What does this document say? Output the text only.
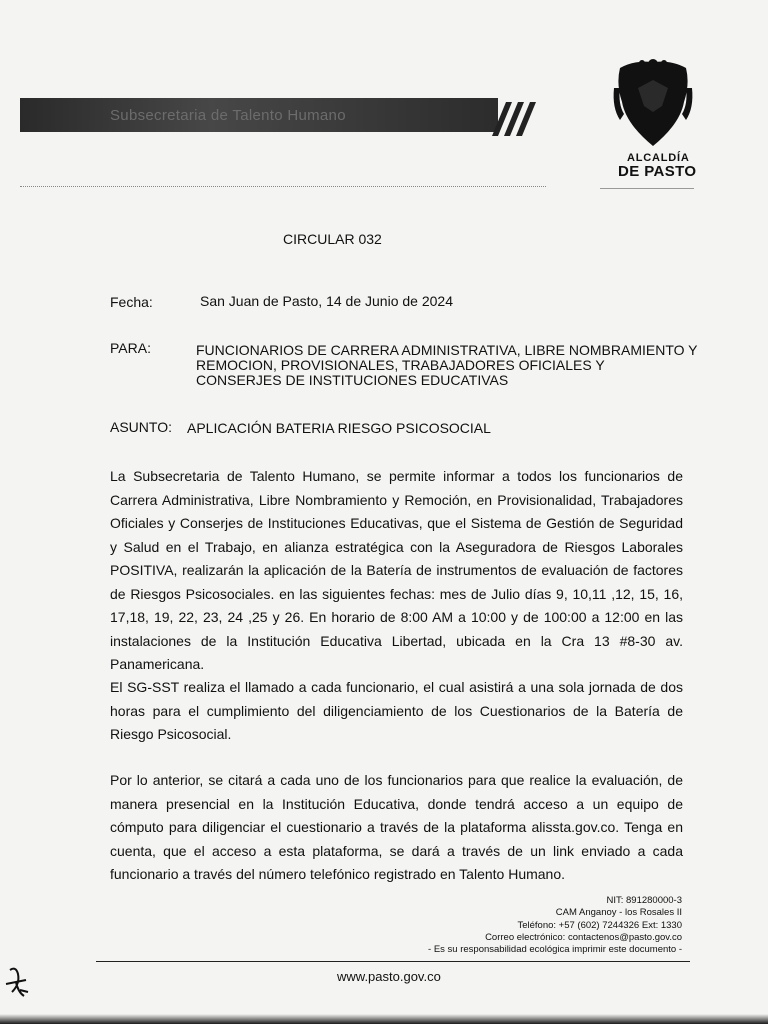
Subsecretaria de Talento Humano
ALCALDÍA
DE PASTO
CIRCULAR 032
Fecha:	San Juan de Pasto, 14 de Junio de 2024
PARA:	FUNCIONARIOS DE CARRERA ADMINISTRATIVA, LIBRE NOMBRAMIENTO Y
REMOCION, PROVISIONALES, TRABAJADORES OFICIALES Y
CONSERJES DE INSTITUCIONES EDUCATIVAS
ASUNTO: APLICACIÓN BATERIA RIESGO PSICOSOCIAL
La Subsecretaria de Talento Humano, se permite informar a todos los funcionarios de Carrera Administrativa, Libre Nombramiento y Remoción, en Provisionalidad, Trabajadores Oficiales y Conserjes de Instituciones Educativas, que el Sistema de Gestión de Seguridad y Salud en el Trabajo, en alianza estratégica con la Aseguradora de Riesgos Laborales POSITIVA, realizarán la aplicación de la Batería de instrumentos de evaluación de factores de Riesgos Psicosociales. en las siguientes fechas: mes de Julio días 9, 10,11 ,12, 15, 16, 17,18, 19, 22, 23, 24 ,25 y 26. En horario de 8:00 AM a 10:00 y de 100:00 a 12:00 en las instalaciones de la Institución Educativa Libertad, ubicada en la Cra 13 #8-30 av. Panamericana.
El SG-SST realiza el llamado a cada funcionario, el cual asistirá a una sola jornada de dos horas para el cumplimiento del diligenciamiento de los Cuestionarios de la Batería de Riesgo Psicosocial.
Por lo anterior, se citará a cada uno de los funcionarios para que realice la evaluación, de manera presencial en la Institución Educativa, donde tendrá acceso a un equipo de cómputo para diligenciar el cuestionario a través de la plataforma alissta.gov.co. Tenga en cuenta, que el acceso a esta plataforma, se dará a través de un link enviado a cada funcionario a través del número telefónico registrado en Talento Humano.
NIT: 891280000-3
CAM Anganoy - los Rosales II
Teléfono: +57 (602) 7244326 Ext: 1330
Correo electrónico: contactenos@pasto.gov.co
- Es su responsabilidad ecológica imprimir este documento -
www.pasto.gov.co
